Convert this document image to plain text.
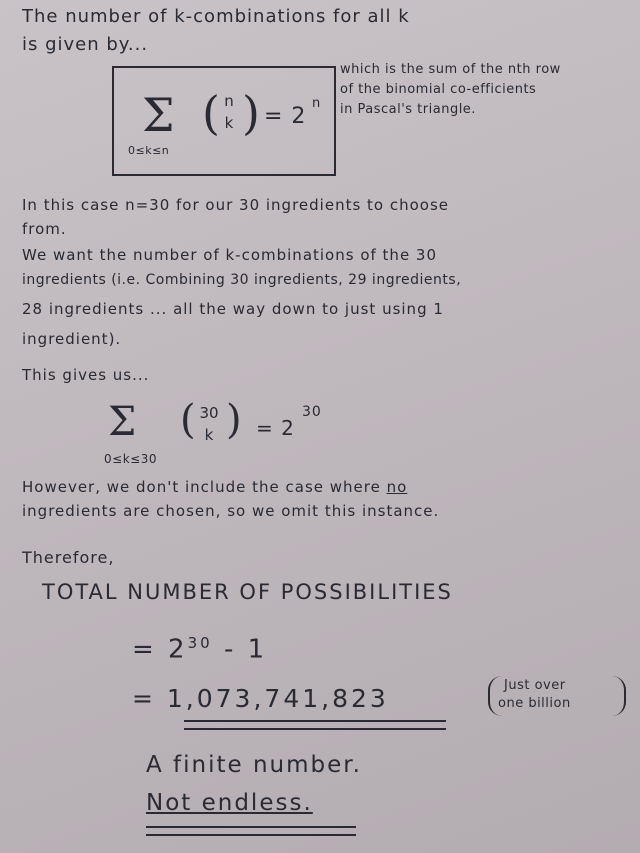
The number of k-combinations for all k
is given by...
Σ ( n
k ) = 2
n
0≤k≤n
which is the sum of the nth row
of the binomial co-efficients
in Pascal's triangle.
In this case n=30 for our 30 ingredients to choose
from.
We want the number of k-combinations of the 30
ingredients (i.e. Combining 30 ingredients, 29 ingredients,
28 ingredients ... all the way down to just using 1
ingredient).
This gives us...
Σ ( 30
k ) = 2
30
0≤k≤30
However, we don't include the case where no
ingredients are chosen, so we omit this instance.
Therefore,
TOTAL NUMBER OF POSSIBILITIES
= $2^{30} - 1$
= 1,073,741,823	Just over
one billion
A finite number.
Not endless.
